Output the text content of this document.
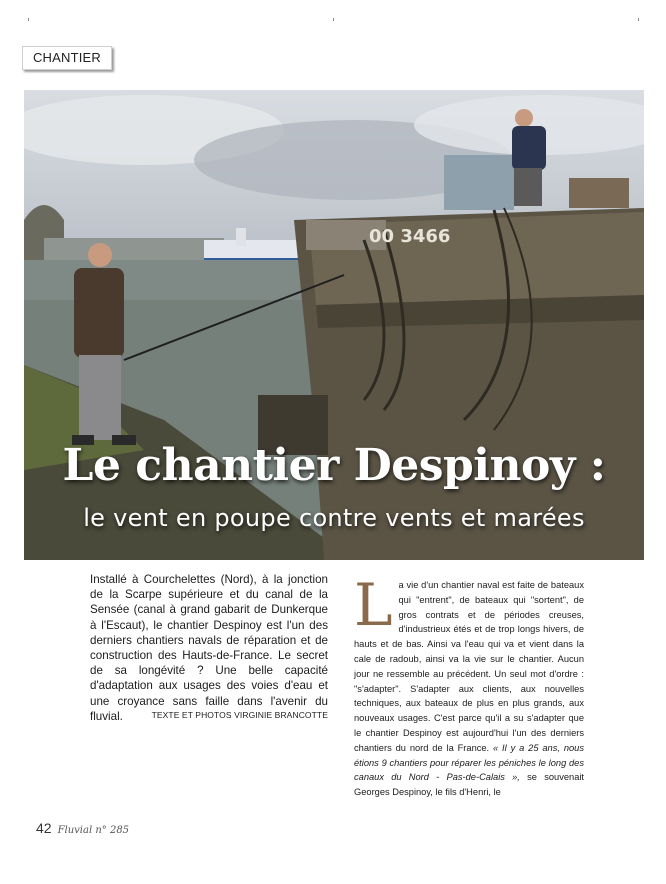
CHANTIER
00 3466
Le chantier Despinoy :
le vent en poupe contre vents et marées
Installé à Courchelettes (Nord), à la jonction de la Scarpe supérieure et du canal de la Sensée (canal à grand gabarit de Dunkerque à l'Escaut), le chantier Despinoy est l'un des derniers chantiers navals de réparation et de construction des Hauts-de-France. Le secret de sa longévité ? Une belle capacité d'adaptation aux usages des voies d'eau et une croyance sans faille dans l'avenir du fluvial.	TEXTE ET PHOTOS VIRGINIE BRANCOTTE
La vie d'un chantier naval est faite de bateaux qui "entrent", de bateaux qui "sortent", de gros contrats et de périodes creuses, d'industrieux étés et de trop longs hivers, de hauts et de bas. Ainsi va l'eau qui va et vient dans la cale de radoub, ainsi va la vie sur le chantier. Aucun jour ne ressemble au précédent. Un seul mot d'ordre : "s'adapter". S'adapter aux clients, aux nouvelles techniques, aux bateaux de plus en plus grands, aux nouveaux usages. C'est parce qu'il a su s'adapter que le chantier Despinoy est aujourd'hui l'un des derniers chantiers du nord de la France. « Il y a 25 ans, nous étions 9 chantiers pour réparer les péniches le long des canaux du Nord - Pas-de-Calais », se souvenait Georges Despinoy, le fils d'Henri, le
42 Fluvial n° 285
